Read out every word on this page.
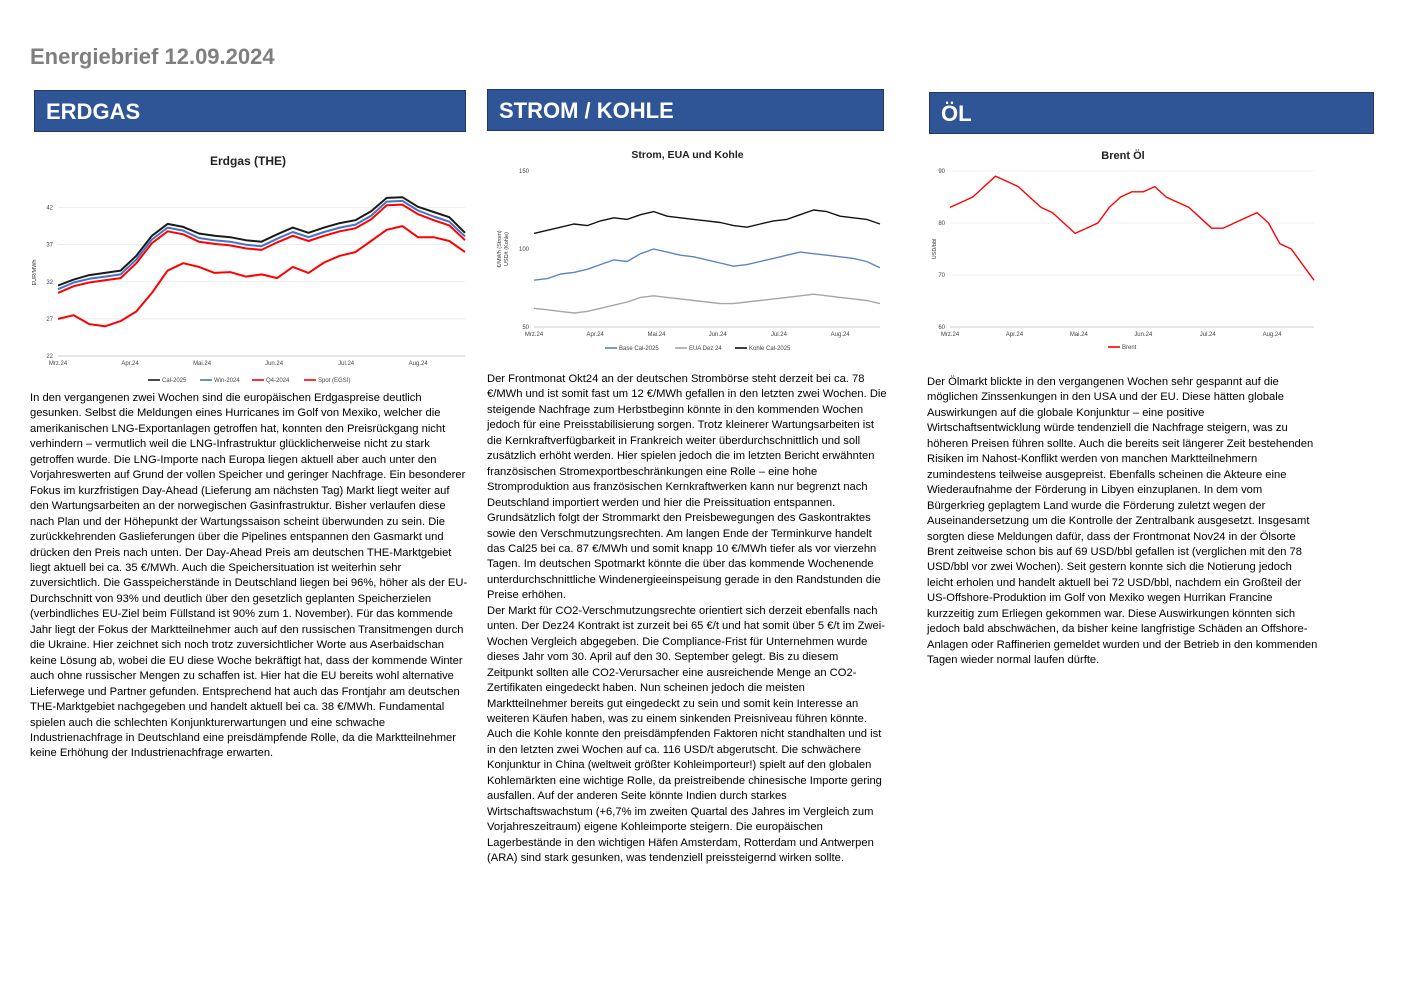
Energiebrief 12.09.2024
ERDGAS	STROM / KOHLE	ÖL
Erdgas (THE)
22
27
32
37
42
Mrz.24	Apr.24	Mai.24	Jun.24	Jul.24	Aug.24
EUR/MWh
Cal-2025	Win-2024	Q4-2024	Spot (EGSI)
Strom, EUA und Kohle
50
100
150
Mrz.24	Apr.24	Mai.24	Jun.24	Jul.24	Aug.24
€/MWh (Strom) USD/t (Kohle)
Base Cal-2025	EUA Dez 24	Kohle Cal-2025
Brent Öl
60
70
80
90
Mrz.24	Apr.24	Mai.24	Jun.24	Jul.24	Aug.24
USD/bbl
Brent

In den vergangenen zwei Wochen sind die europäischen Erdgaspreise deutlich gesunken. Selbst die Meldungen eines Hurricanes im Golf von Mexiko, welcher die amerikanischen LNG-Exportanlagen getroffen hat, konnten den Preisrückgang nicht verhindern – vermutlich weil die LNG-Infrastruktur glücklicherweise nicht zu stark getroffen wurde. Die LNG-Importe nach Europa liegen aktuell aber auch unter den Vorjahreswerten auf Grund der vollen Speicher und geringer Nachfrage. Ein besonderer Fokus im kurzfristigen Day-Ahead (Lieferung am nächsten Tag) Markt liegt weiter auf den Wartungsarbeiten an der norwegischen Gasinfrastruktur. Bisher verlaufen diese nach Plan und der Höhepunkt der Wartungssaison scheint überwunden zu sein. Die zurückkehrenden Gaslieferungen über die Pipelines entspannen den Gasmarkt und drücken den Preis nach unten. Der Day-Ahead Preis am deutschen THE-Marktgebiet liegt aktuell bei ca. 35 €/MWh. Auch die Speichersituation ist weiterhin sehr zuversichtlich. Die Gasspeicherstände in Deutschland liegen bei 96%, höher als der EU-Durchschnitt von 93% und deutlich über den gesetzlich geplanten Speicherzielen (verbindliches EU-Ziel beim Füllstand ist 90% zum 1. November). Für das kommende Jahr liegt der Fokus der Marktteilnehmer auch auf den russischen Transitmengen durch die Ukraine. Hier zeichnet sich noch trotz zuversichtlicher Worte aus Aserbaidschan keine Lösung ab, wobei die EU diese Woche bekräftigt hat, dass der kommende Winter auch ohne russischer Mengen zu schaffen ist. Hier hat die EU bereits wohl alternative Lieferwege und Partner gefunden. Entsprechend hat auch das Frontjahr am deutschen THE-Marktgebiet nachgegeben und handelt aktuell bei ca. 38 €/MWh. Fundamental spielen auch die schlechten Konjunkturerwartungen und eine schwache Industrienachfrage in Deutschland eine preisdämpfende Rolle, da die Marktteilnehmer keine Erhöhung der Industrienachfrage erwarten.

Der Frontmonat Okt24 an der deutschen Strombörse steht derzeit bei ca. 78 €/MWh und ist somit fast um 12 €/MWh gefallen in den letzten zwei Wochen. Die steigende Nachfrage zum Herbstbeginn könnte in den kommenden Wochen jedoch für eine Preisstabilisierung sorgen. Trotz kleinerer Wartungsarbeiten ist die Kernkraftverfügbarkeit in Frankreich weiter überdurchschnittlich und soll zusätzlich erhöht werden. Hier spielen jedoch die im letzten Bericht erwähnten französischen Stromexportbeschränkungen eine Rolle – eine hohe Stromproduktion aus französischen Kernkraftwerken kann nur begrenzt nach Deutschland importiert werden und hier die Preissituation entspannen. Grundsätzlich folgt der Strommarkt den Preisbewegungen des Gaskontraktes sowie den Verschmutzungsrechten. Am langen Ende der Terminkurve handelt das Cal25 bei ca. 87 €/MWh und somit knapp 10 €/MWh tiefer als vor vierzehn Tagen. Im deutschen Spotmarkt könnte die über das kommende Wochenende unterdurchschnittliche Windenergieeinspeisung gerade in den Randstunden die Preise erhöhen.

Der Markt für CO2-Verschmutzungsrechte orientiert sich derzeit ebenfalls nach unten. Der Dez24 Kontrakt ist zurzeit bei 65 €/t und hat somit über 5 €/t im Zwei-Wochen Vergleich abgegeben. Die Compliance-Frist für Unternehmen wurde dieses Jahr vom 30. April auf den 30. September gelegt. Bis zu diesem Zeitpunkt sollten alle CO2-Verursacher eine ausreichende Menge an CO2-Zertifikaten eingedeckt haben. Nun scheinen jedoch die meisten Marktteilnehmer bereits gut eingedeckt zu sein und somit kein Interesse an weiteren Käufen haben, was zu einem sinkenden Preisniveau führen könnte.

Auch die Kohle konnte den preisdämpfenden Faktoren nicht standhalten und ist in den letzten zwei Wochen auf ca. 116 USD/t abgerutscht. Die schwächere Konjunktur in China (weltweit größter Kohleimporteur!) spielt auf den globalen Kohlemärkten eine wichtige Rolle, da preistreibende chinesische Importe gering ausfallen. Auf der anderen Seite könnte Indien durch starkes Wirtschaftswachstum (+6,7% im zweiten Quartal des Jahres im Vergleich zum Vorjahreszeitraum) eigene Kohleimporte steigern. Die europäischen Lagerbestände in den wichtigen Häfen Amsterdam, Rotterdam und Antwerpen (ARA) sind stark gesunken, was tendenziell preissteigernd wirken sollte.

Der Ölmarkt blickte in den vergangenen Wochen sehr gespannt auf die möglichen Zinssenkungen in den USA und der EU. Diese hätten globale Auswirkungen auf die globale Konjunktur – eine positive Wirtschaftsentwicklung würde tendenziell die Nachfrage steigern, was zu höheren Preisen führen sollte. Auch die bereits seit längerer Zeit bestehenden Risiken im Nahost-Konflikt werden von manchen Marktteilnehmern zumindestens teilweise ausgepreist. Ebenfalls scheinen die Akteure eine Wiederaufnahme der Förderung in Libyen einzuplanen. In dem vom Bürgerkrieg geplagtem Land wurde die Förderung zuletzt wegen der Auseinandersetzung um die Kontrolle der Zentralbank ausgesetzt. Insgesamt sorgten diese Meldungen dafür, dass der Frontmonat Nov24 in der Ölsorte Brent zeitweise schon bis auf 69 USD/bbl gefallen ist (verglichen mit den 78 USD/bbl vor zwei Wochen). Seit gestern konnte sich die Notierung jedoch leicht erholen und handelt aktuell bei 72 USD/bbl, nachdem ein Großteil der US-Offshore-Produktion im Golf von Mexiko wegen Hurrikan Francine kurzzeitig zum Erliegen gekommen war. Diese Auswirkungen könnten sich jedoch bald abschwächen, da bisher keine langfristige Schäden an Offshore-Anlagen oder Raffinerien gemeldet wurden und der Betrieb in den kommenden Tagen wieder normal laufen dürfte.
